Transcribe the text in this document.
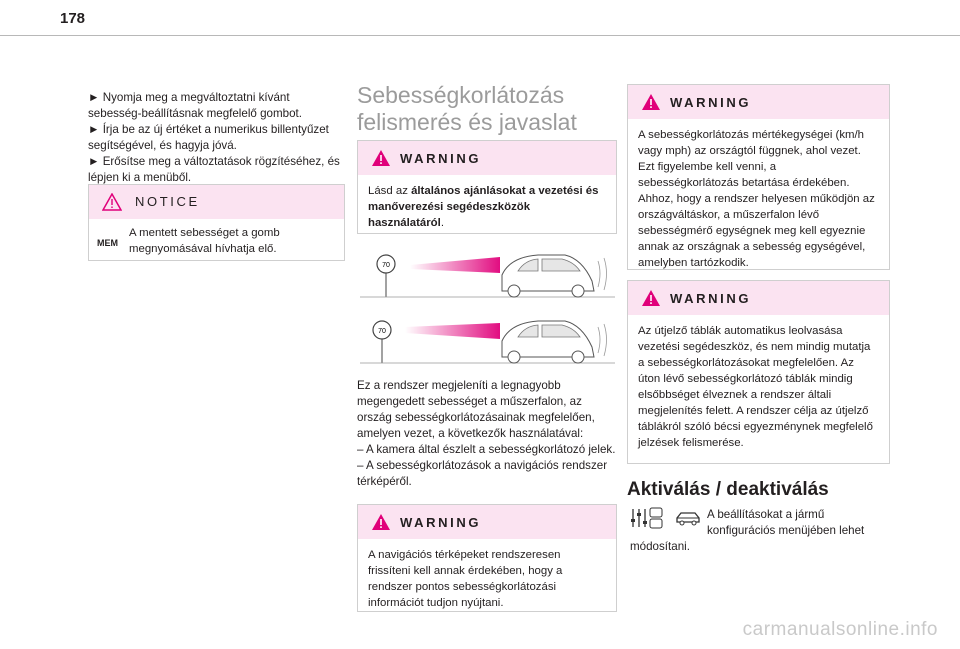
178

► Nyomja meg a megváltoztatni kívánt sebesség-beállításnak megfelelő gombot.

► Írja be az új értéket a numerikus billentyűzet segítségével, és hagyja jóvá.

► Erősítse meg a változtatások rögzítéséhez, és lépjen ki a menüből.

NOTICE
MEM
A mentett sebességet a gomb megnyomásával hívhatja elő.
Sebességkorlátozás
felismerés és javaslat
WARNING
Lásd az általános ajánlásokat a vezetési és manőverezési segédeszközök használatáról.
70
70

Ez a rendszer megjeleníti a legnagyobb megengedett sebességet a műszerfalon, az ország sebességkorlátozásainak megfelelően, amelyen vezet, a következők használatával:

– A kamera által észlelt a sebességkorlátozó jelek.

– A sebességkorlátozások a navigációs rendszer térképéről.

WARNING
A navigációs térképeket rendszeresen frissíteni kell annak érdekében, hogy a rendszer pontos sebességkorlátozási információt tudjon nyújtani.
WARNING
A sebességkorlátozás mértékegységei (km/h vagy mph) az országtól függnek, ahol vezet. Ezt figyelembe kell venni, a sebességkorlátozás betartása érdekében. Ahhoz, hogy a rendszer helyesen működjön az országváltáskor, a műszerfalon lévő sebességmérő egységnek meg kell egyeznie annak az országnak a sebesség egységével, amelyben tartózkodik.
WARNING
Az útjelző táblák automatikus leolvasása vezetési segédeszköz, és nem mindig mutatja a sebességkorlátozásokat megfelelően. Az úton lévő sebességkorlátozó táblák mindig elsőbbséget élveznek a rendszer általi megjelenítés felett. A rendszer célja az útjelző táblákról szóló bécsi egyezménynek megfelelő jelzések felismerése.
Aktiválás / deaktiválás
A beállításokat a jármű
konfigurációs menüjében lehet
módosítani.
carmanualsonline.info
